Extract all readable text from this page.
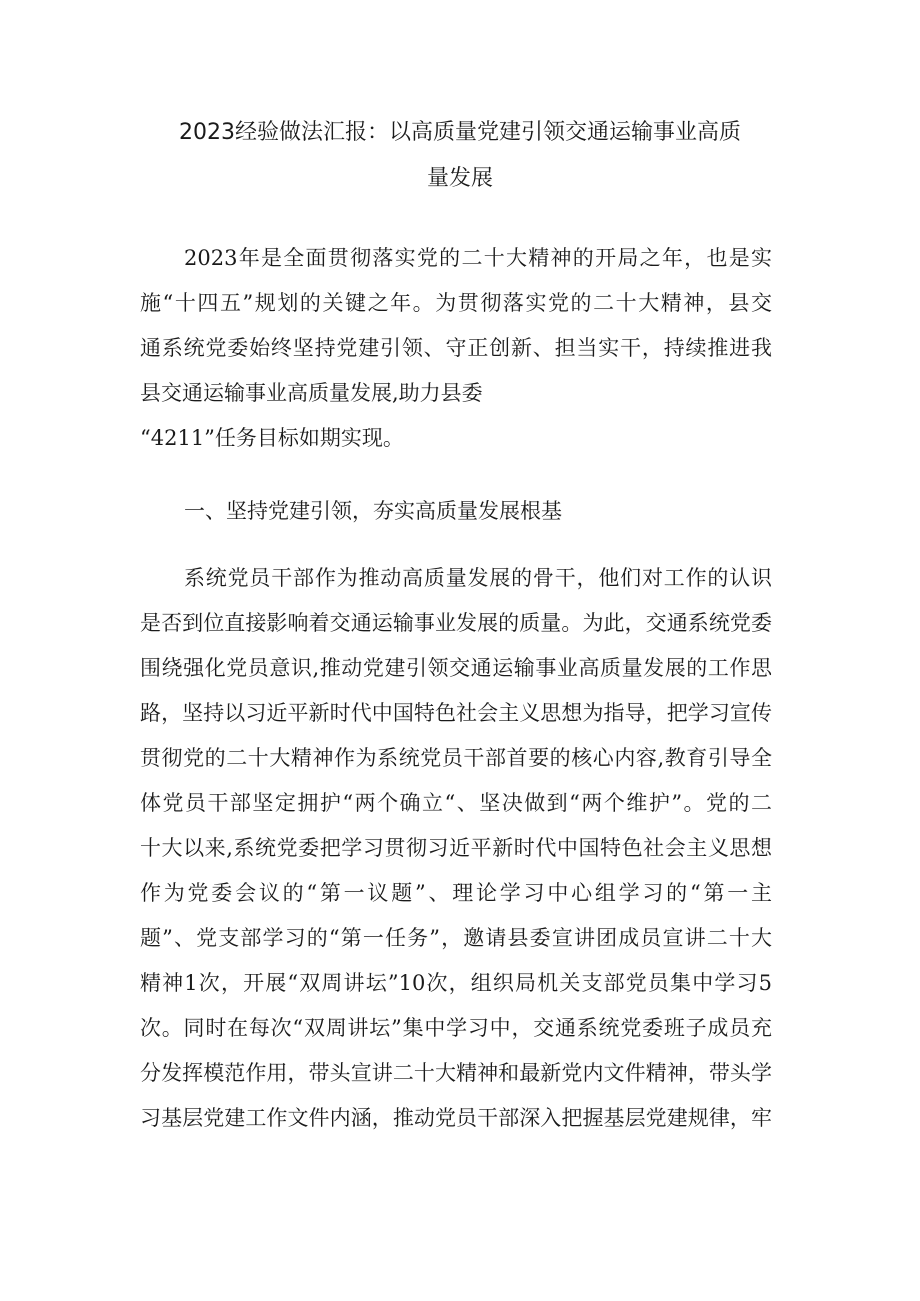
2023经验做法汇报：以高质量党建引领交通运输事业高质
量发展

2023年是全面贯彻落实党的二十大精神的开局之年，也是实

施“十四五”规划的关键之年。为贯彻落实党的二十大精神，县交

通系统党委始终坚持党建引领、守正创新、担当实干，持续推进我

县交通运输事业高质量发展,助力县委

“4211”任务目标如期实现。

一、坚持党建引领，夯实高质量发展根基

系统党员干部作为推动高质量发展的骨干，他们对工作的认识

是否到位直接影响着交通运输事业发展的质量。为此，交通系统党委

围绕强化党员意识,推动党建引领交通运输事业高质量发展的工作思

路，坚持以习近平新时代中国特色社会主义思想为指导，把学习宣传

贯彻党的二十大精神作为系统党员干部首要的核心内容,教育引导全

体党员干部坚定拥护“两个确立“、坚决做到“两个维护”。党的二

十大以来,系统党委把学习贯彻习近平新时代中国特色社会主义思想

作为党委会议的“第一议题”、理论学习中心组学习的“第一主

题”、党支部学习的“第一任务”，邀请县委宣讲团成员宣讲二十大

精神1次，开展“双周讲坛”10次，组织局机关支部党员集中学习5

次。同时在每次“双周讲坛”集中学习中，交通系统党委班子成员充

分发挥模范作用，带头宣讲二十大精神和最新党内文件精神，带头学

习基层党建工作文件内涵，推动党员干部深入把握基层党建规律，牢
